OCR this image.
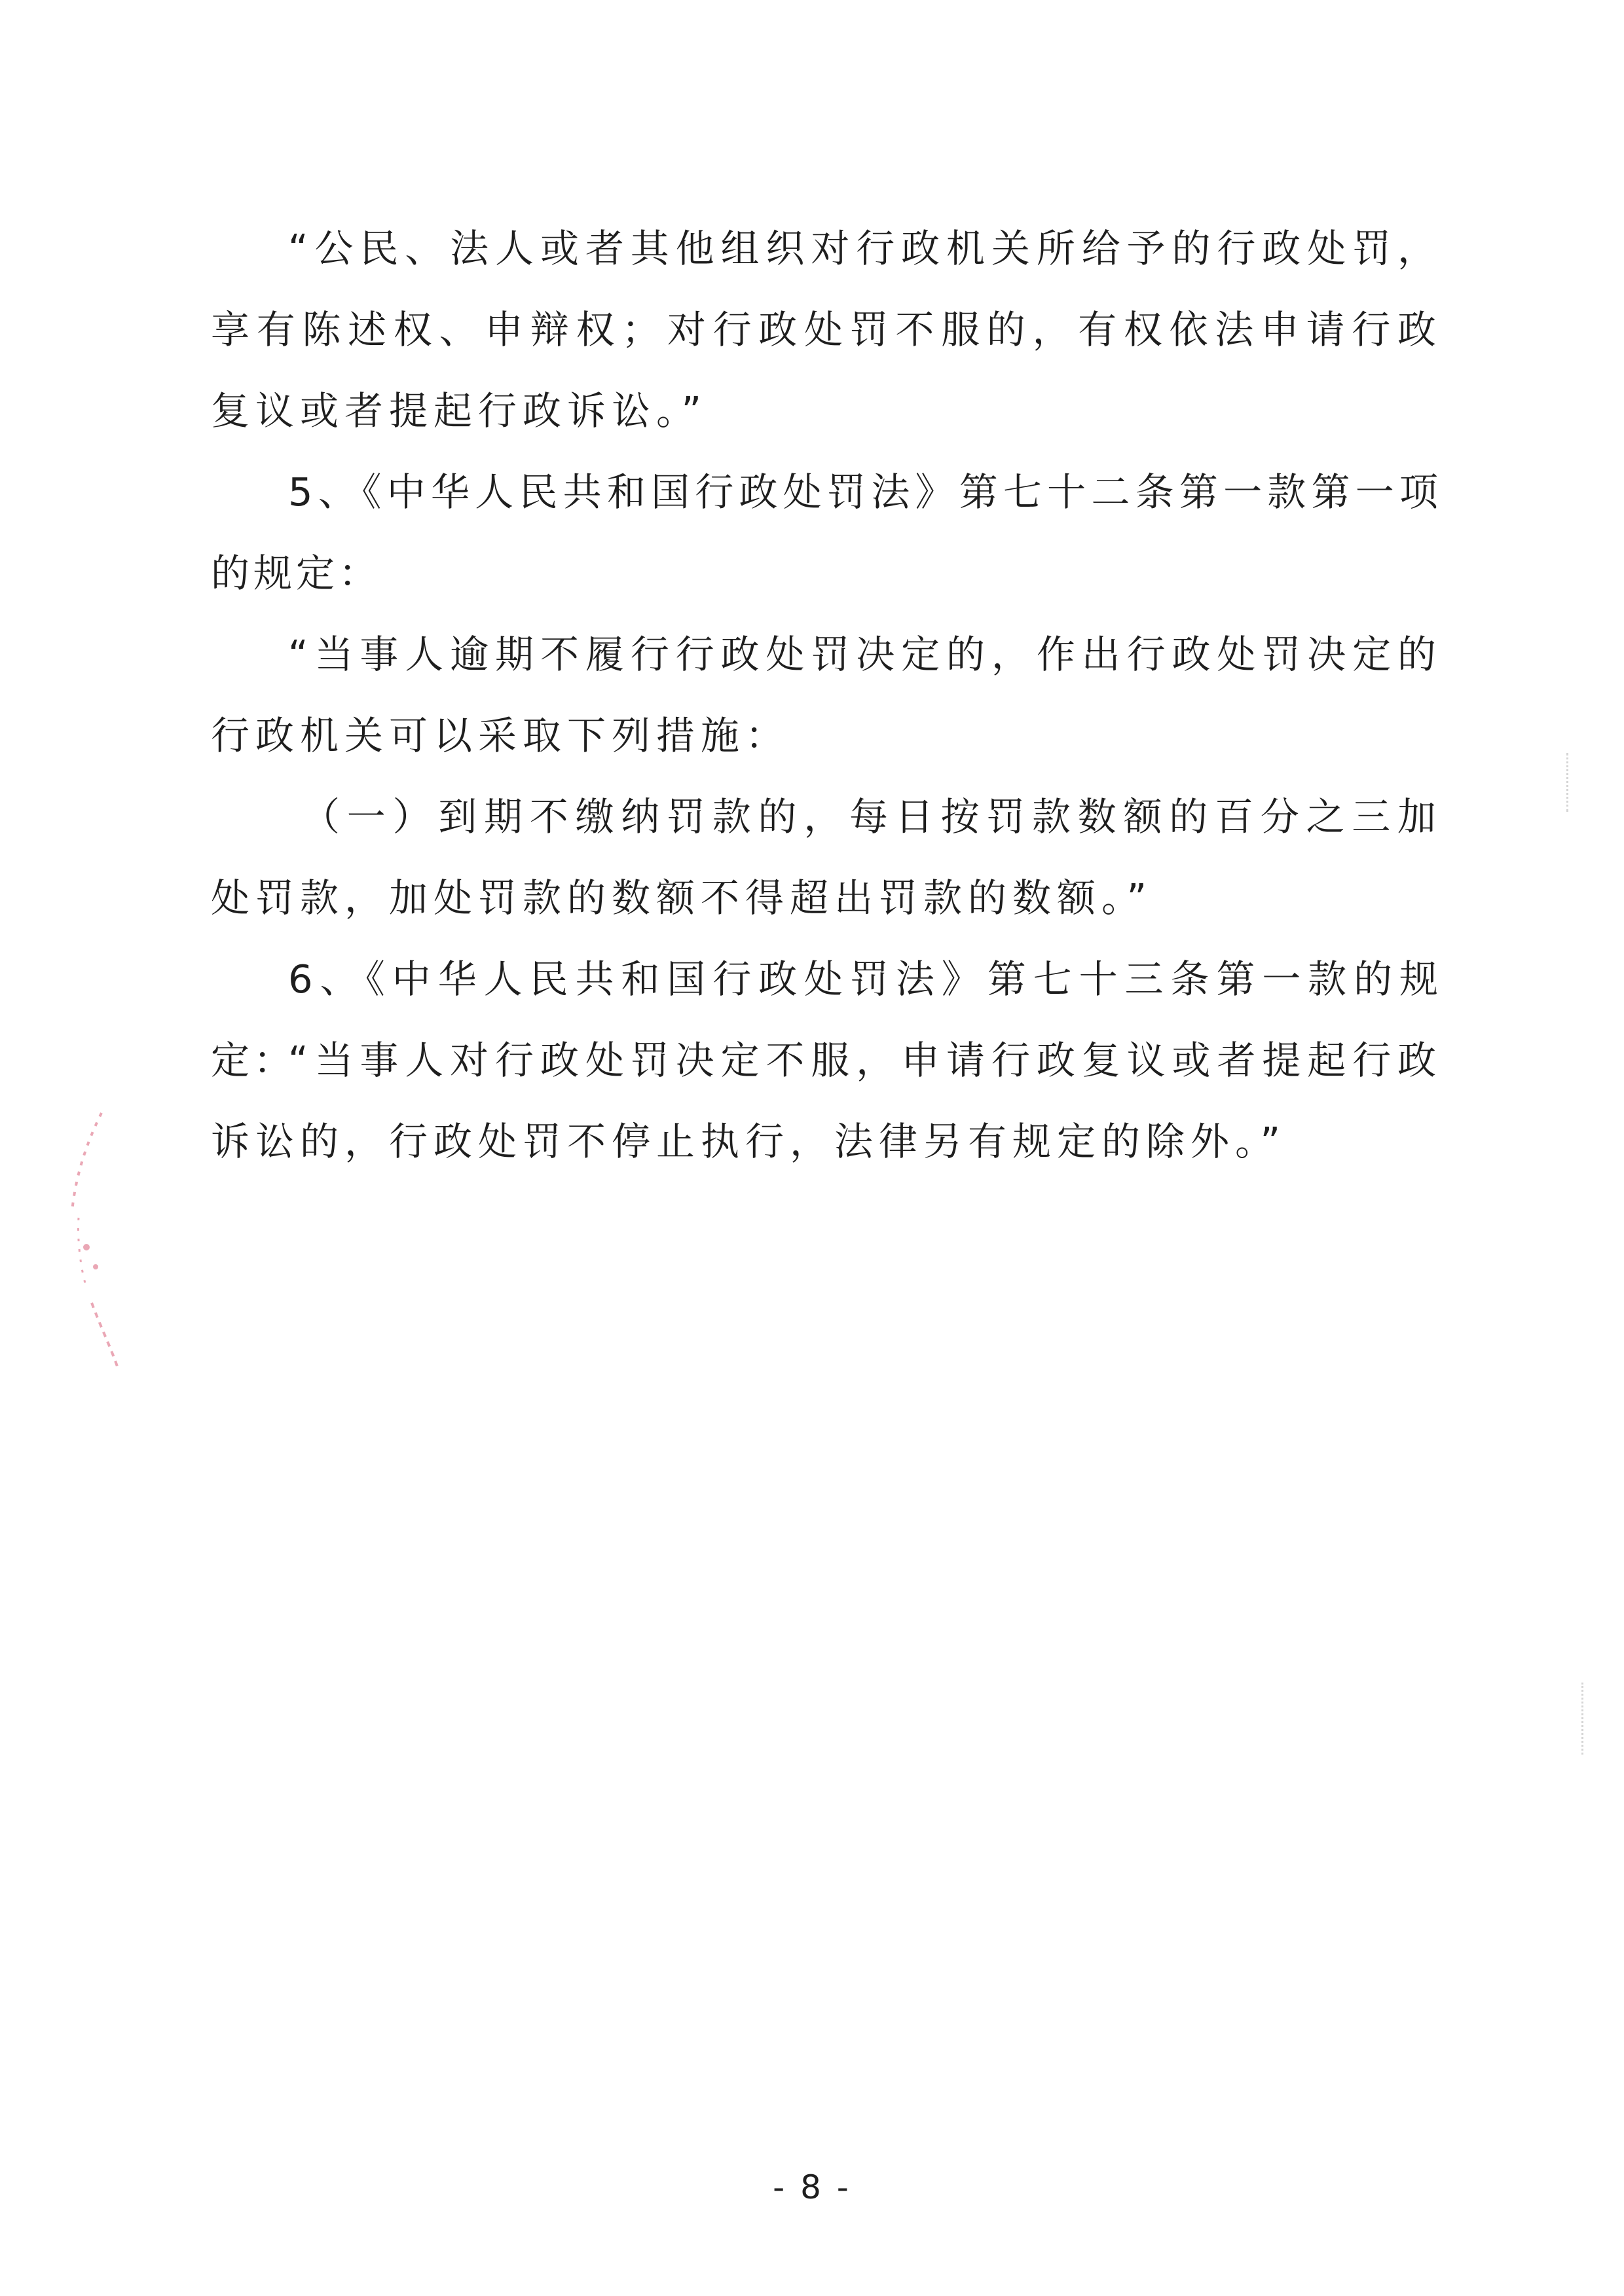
“公民、法人或者其他组织对行政机关所给予的行政处罚，享有陈述权、申辩权；对行政处罚不服的，有权依法申请行政复议或者提起行政诉讼。”

5、《中华人民共和国行政处罚法》第七十二条第一款第一项的规定：

“当事人逾期不履行行政处罚决定的，作出行政处罚决定的行政机关可以采取下列措施：

（一）到期不缴纳罚款的，每日按罚款数额的百分之三加处罚款，加处罚款的数额不得超出罚款的数额。”

6、《中华人民共和国行政处罚法》第七十三条第一款的规定：

“当事人对行政处罚决定不服，申请行政复议或者提起行政诉讼的，行政处罚不停止执行，法律另有规定的除外。”

- 8 -
